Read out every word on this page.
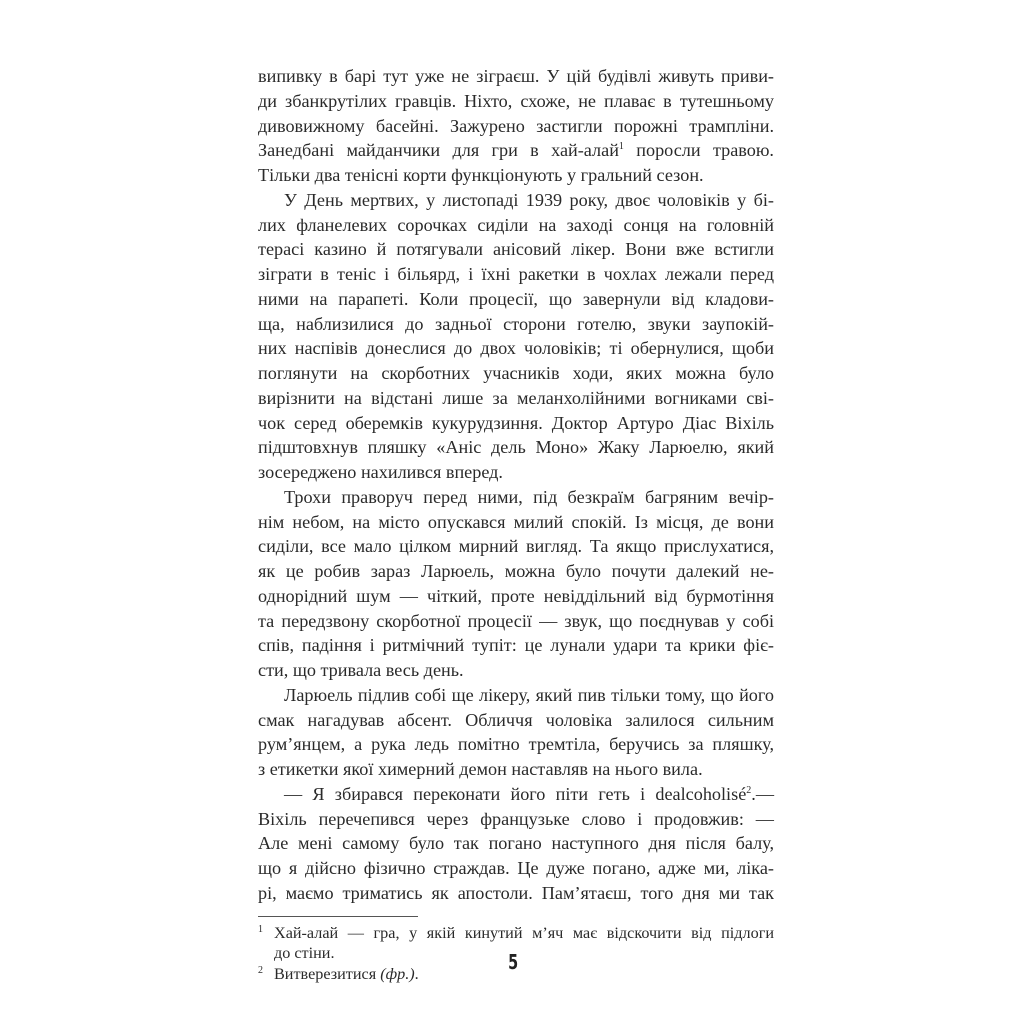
випивку в барі тут уже не зіграєш. У цій будівлі живуть приви-
ди збанкрутілих гравців. Ніхто, схоже, не плаває в тутешньому
дивовижному басейні. Зажурено застигли порожні трампліни.
Занедбані майданчики для гри в хай-алай$^1$ поросли травою.
Тільки два тенісні корти функціонують у гральний сезон.
У День мертвих, у листопаді 1939 року, двоє чоловіків у бі-
лих фланелевих сорочках сиділи на заході сонця на головній
терасі казино й потягували анісовий лікер. Вони вже встигли
зіграти в теніс і більярд, і їхні ракетки в чохлах лежали перед
ними на парапеті. Коли процесії, що завернули від кладови-
ща, наблизилися до задньої сторони готелю, звуки заупокій-
них наспівів донеслися до двох чоловіків; ті обернулися, щоби
поглянути на скорботних учасників ходи, яких можна було
вирізнити на відстані лише за меланхолійними вогниками сві-
чок серед оберемків кукурудзиння. Доктор Артуро Діас Віхіль
підштовхнув пляшку «Аніс дель Моно» Жаку Ларюелю, який
зосереджено нахилився вперед.
Трохи праворуч перед ними, під безкраїм багряним вечір-
нім небом, на місто опускався милий спокій. Із місця, де вони
сиділи, все мало цілком мирний вигляд. Та якщо прислухатися,
як це робив зараз Ларюель, можна було почути далекий не-
однорідний шум — чіткий, проте невіддільний від бурмотіння
та передзвону скорботної процесії — звук, що поєднував у собі
спів, падіння і ритмічний тупіт: це лунали удари та крики фіє-
сти, що тривала весь день.
Ларюель підлив собі ще лікеру, який пив тільки тому, що його
смак нагадував абсент. Обличчя чоловіка залилося сильним
рум’янцем, а рука ледь помітно тремтіла, беручись за пляшку,
з етикетки якої химерний демон наставляв на нього вила.
— Я збирався переконати його піти геть і dealcoholisé$^2$.—
Віхіль перечепився через французьке слово і продовжив: —
Але мені самому було так погано наступного дня після балу,
що я дійсно фізично страждав. Це дуже погано, адже ми, ліка-
рі, маємо триматись як апостоли. Пам’ятаєш, того дня ми так
1 Хай-алай — гра, у якій кинутий м’яч має відскочити від підлоги
до стіни.
2 Витверезитися (фр.).	5
